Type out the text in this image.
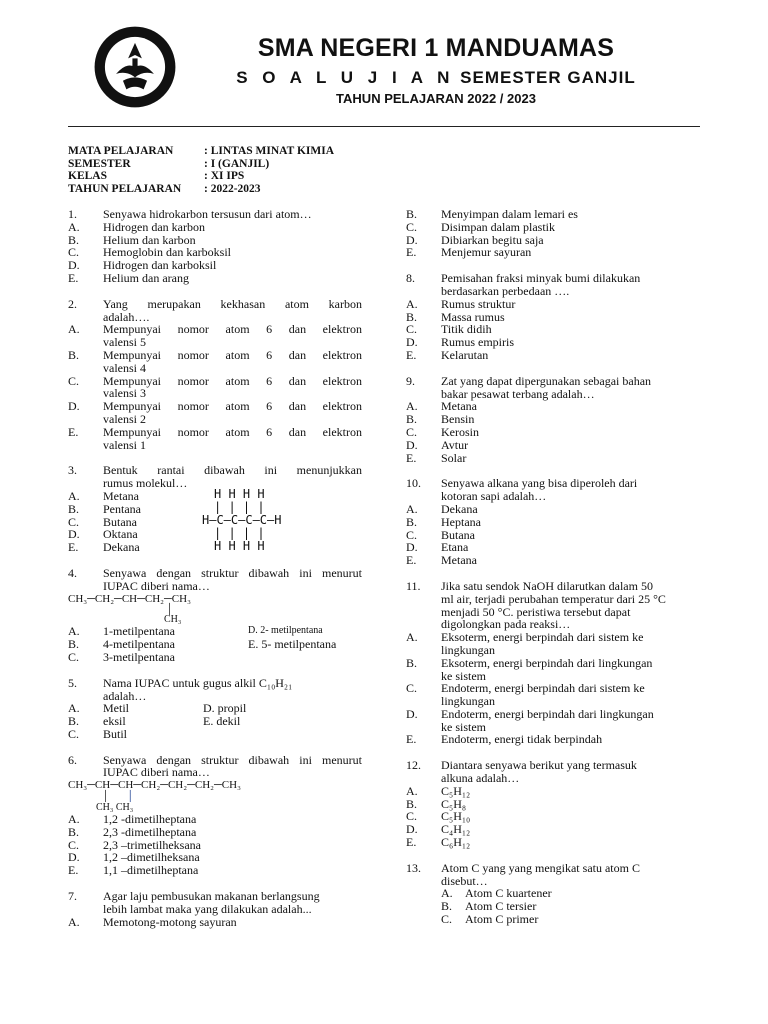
SMA NEGERI 1 MANDUAMAS
S O A L U J I A N SEMESTER GANJIL
TAHUN PELAJARAN 2022 / 2023
MATA PELAJARAN	: LINTAS MINAT KIMIA
SEMESTER	: I (GANJIL)
KELAS	: XI IPS
TAHUN PELAJARAN	: 2022-2023
1.	Senyawa hidrokarbon tersusun dari atom…
A.	Hidrogen dan karbon
B.	Helium dan karbon
C.	Hemoglobin dan karboksil
D.	Hidrogen dan karboksil
E.	Helium dan arang
2.	Yang merupakan kekhasan atom karbon
adalah….
A.	Mempunyai nomor atom 6 dan elektron
valensi 5
B.	Mempunyai nomor atom 6 dan elektron
valensi 4
C.	Mempunyai nomor atom 6 dan elektron
valensi 3
D.	Mempunyai nomor atom 6 dan elektron
valensi 2
E.	Mempunyai nomor atom 6 dan elektron
valensi 1
3.	Bentuk rantai dibawah ini menunjukkan
rumus molekul…
A.	Metana
B.	Pentana
C.	Butana
D.	Oktana
E.	Dekana
H H H H
| | | |
H–C–C–C–C–H
| | | |
H H H H
4.	Senyawa dengan struktur dibawah ini menurut
IUPAC diberi nama…
CH₃─CH₂─CH─CH₂─CH₃
│
CH₃
A.	1-metilpentana	D. 2- metilpentana
B.	4-metilpentana	E. 5- metilpentana
C.	3-metilpentana
5.	Nama IUPAC untuk gugus alkil C₁₀H₂₁
adalah…
A.	Metil	D. propil
B.	eksil	E. dekil
C.	Butil
6.	Senyawa dengan struktur dibawah ini menurut
IUPAC diberi nama…
CH₃─CH─CH─CH₂─CH₂─CH₂─CH₃
│ │
CH₃ CH₃
A.	1,2 -dimetilheptana
B.	2,3 -dimetilheptana
C.	2,3 –trimetilheksana
D.	1,2 –dimetilheksana
E.	1,1 –dimetilheptana
7.	Agar laju pembusukan makanan berlangsung
lebih lambat maka yang dilakukan adalah...
A.	Memotong-motong sayuran
B.	Menyimpan dalam lemari es
C.	Disimpan dalam plastik
D.	Dibiarkan begitu saja
E.	Menjemur sayuran
8.	Pemisahan fraksi minyak bumi dilakukan
berdasarkan perbedaan ….
A.	Rumus struktur
B.	Massa rumus
C.	Titik didih
D.	Rumus empiris
E.	Kelarutan
9.	Zat yang dapat dipergunakan sebagai bahan
bakar pesawat terbang adalah…
A.	Metana
B.	Bensin
C.	Kerosin
D.	Avtur
E.	Solar
10.	Senyawa alkana yang bisa diperoleh dari
kotoran sapi adalah…
A.	Dekana
B.	Heptana
C.	Butana
D.	Etana
E.	Metana
11.	Jika satu sendok NaOH dilarutkan dalam 50
ml air, terjadi perubahan temperatur dari 25 °C
menjadi 50 °C. peristiwa tersebut dapat
digolongkan pada reaksi…
A.	Eksoterm, energi berpindah dari sistem ke
lingkungan
B.	Eksoterm, energi berpindah dari lingkungan
ke sistem
C.	Endoterm, energi berpindah dari sistem ke
lingkungan
D.	Endoterm, energi berpindah dari lingkungan
ke sistem
E.	Endoterm, energi tidak berpindah
12.	Diantara senyawa berikut yang termasuk
alkuna adalah…
A.	C₅H₁₂
B.	C₅H₈
C.	C₅H₁₀
D.	C₄H₁₂
E.	C₆H₁₂
13.	Atom C yang yang mengikat satu atom C
disebut…
A.	Atom C kuartener
B.	Atom C tersier
C.	Atom C primer
